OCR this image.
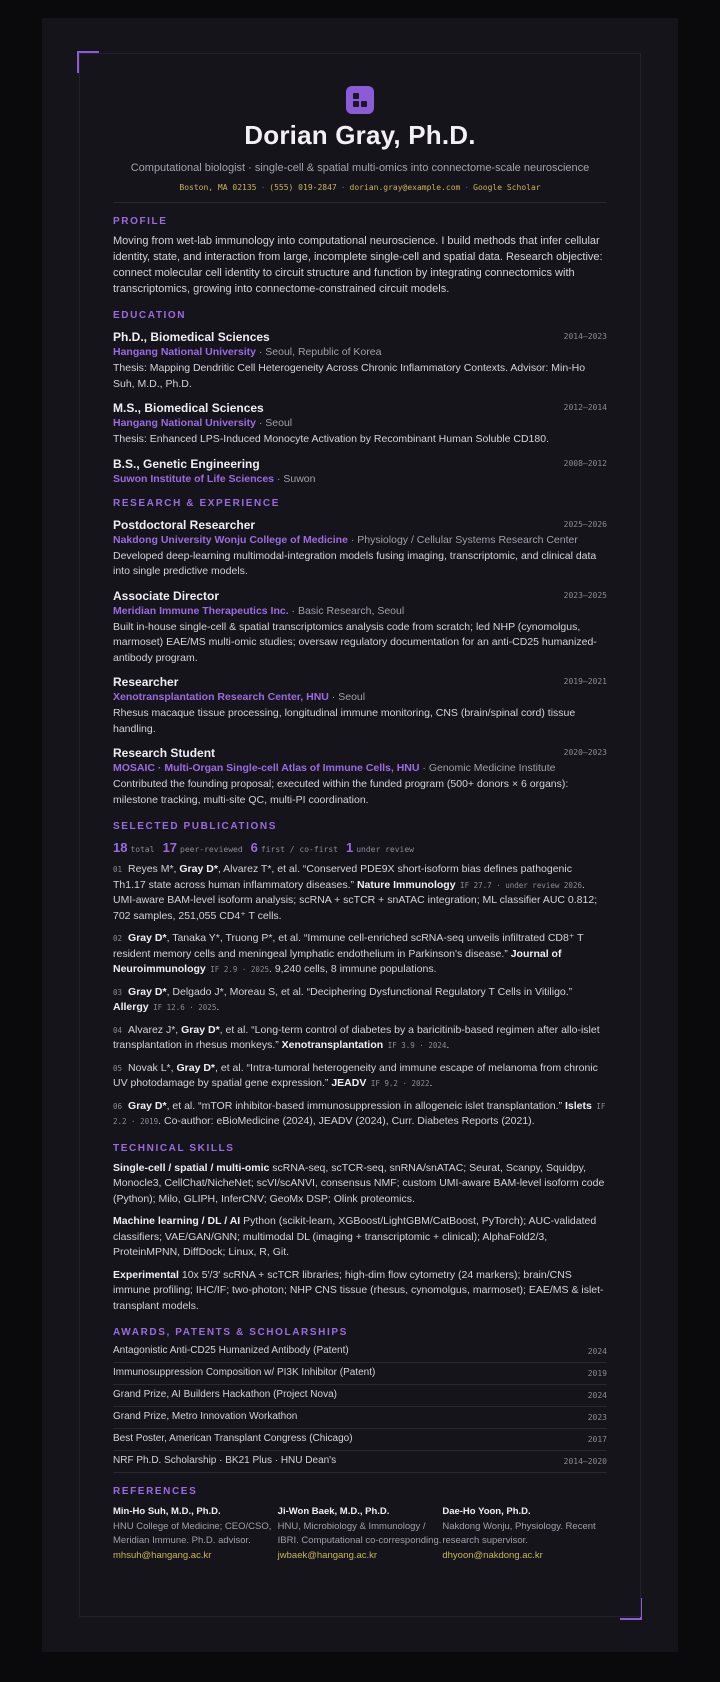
Dorian Gray, Ph.D.
Computational biologist · single-cell & spatial multi-omics into connectome-scale neuroscience
Boston, MA 02135 · (555) 019-2847 · dorian.gray@example.com · Google Scholar
PROFILE
Moving from wet-lab immunology into computational neuroscience. I build methods that infer cellular identity, state, and interaction from large, incomplete single-cell and spatial data. Research objective: connect molecular cell identity to circuit structure and function by integrating connectomics with transcriptomics, growing into connectome-constrained circuit models.
EDUCATION
Ph.D., Biomedical Sciences	2014–2023
Hangang National University · Seoul, Republic of Korea
Thesis: Mapping Dendritic Cell Heterogeneity Across Chronic Inflammatory Contexts. Advisor: Min-Ho Suh, M.D., Ph.D.
M.S., Biomedical Sciences	2012–2014
Hangang National University · Seoul
Thesis: Enhanced LPS-Induced Monocyte Activation by Recombinant Human Soluble CD180.
B.S., Genetic Engineering	2008–2012
Suwon Institute of Life Sciences · Suwon
RESEARCH & EXPERIENCE
Postdoctoral Researcher	2025–2026
Nakdong University Wonju College of Medicine · Physiology / Cellular Systems Research Center
Developed deep-learning multimodal-integration models fusing imaging, transcriptomic, and clinical data into single predictive models.
Associate Director	2023–2025
Meridian Immune Therapeutics Inc. · Basic Research, Seoul
Built in-house single-cell & spatial transcriptomics analysis code from scratch; led NHP (cynomolgus, marmoset) EAE/MS multi-omic studies; oversaw regulatory documentation for an anti-CD25 humanized-antibody program.
Researcher	2019–2021
Xenotransplantation Research Center, HNU · Seoul
Rhesus macaque tissue processing, longitudinal immune monitoring, CNS (brain/spinal cord) tissue handling.
Research Student	2020–2023
MOSAIC · Multi-Organ Single-cell Atlas of Immune Cells, HNU · Genomic Medicine Institute
Contributed the founding proposal; executed within the funded program (500+ donors × 6 organs): milestone tracking, multi-site QC, multi-PI coordination.
SELECTED PUBLICATIONS
18 total 17 peer-reviewed 6 first / co-first 1 under review
01 Reyes M*, Gray D*, Alvarez T*, et al. “Conserved PDE9X short-isoform bias defines pathogenic Th1.17 state across human inflammatory diseases.” Nature Immunology IF 27.7 · under review 2026. UMI-aware BAM-level isoform analysis; scRNA + scTCR + snATAC integration; ML classifier AUC 0.812; 702 samples, 251,055 CD4⁺ T cells.
02 Gray D*, Tanaka Y*, Truong P*, et al. “Immune cell-enriched scRNA-seq unveils infiltrated CD8⁺ T resident memory cells and meningeal lymphatic endothelium in Parkinson's disease.” Journal of Neuroimmunology IF 2.9 · 2025. 9,240 cells, 8 immune populations.
03 Gray D*, Delgado J*, Moreau S, et al. “Deciphering Dysfunctional Regulatory T Cells in Vitiligo.” Allergy IF 12.6 · 2025.
04 Alvarez J*, Gray D*, et al. “Long-term control of diabetes by a baricitinib-based regimen after allo-islet transplantation in rhesus monkeys.” Xenotransplantation IF 3.9 · 2024.
05 Novak L*, Gray D*, et al. “Intra-tumoral heterogeneity and immune escape of melanoma from chronic UV photodamage by spatial gene expression.” JEADV IF 9.2 · 2022.
06 Gray D*, et al. “mTOR inhibitor-based immunosuppression in allogeneic islet transplantation.” Islets IF 2.2 · 2019. Co-author: eBioMedicine (2024), JEADV (2024), Curr. Diabetes Reports (2021).
TECHNICAL SKILLS
Single-cell / spatial / multi-omic scRNA-seq, scTCR-seq, snRNA/snATAC; Seurat, Scanpy, Squidpy, Monocle3, CellChat/NicheNet; scVI/scANVI, consensus NMF; custom UMI-aware BAM-level isoform code (Python); Milo, GLIPH, InferCNV; GeoMx DSP; Olink proteomics.
Machine learning / DL / AI Python (scikit-learn, XGBoost/LightGBM/CatBoost, PyTorch); AUC-validated classifiers; VAE/GAN/GNN; multimodal DL (imaging + transcriptomic + clinical); AlphaFold2/3, ProteinMPNN, DiffDock; Linux, R, Git.
Experimental 10x 5′/3′ scRNA + scTCR libraries; high-dim flow cytometry (24 markers); brain/CNS immune profiling; IHC/IF; two-photon; NHP CNS tissue (rhesus, cynomolgus, marmoset); EAE/MS & islet-transplant models.
AWARDS, PATENTS & SCHOLARSHIPS
Antagonistic Anti-CD25 Humanized Antibody (Patent)	2024
Immunosuppression Composition w/ PI3K Inhibitor (Patent)	2019
Grand Prize, AI Builders Hackathon (Project Nova)	2024
Grand Prize, Metro Innovation Workathon	2023
Best Poster, American Transplant Congress (Chicago)	2017
NRF Ph.D. Scholarship · BK21 Plus · HNU Dean's	2014–2020
REFERENCES
Min-Ho Suh, M.D., Ph.D.
HNU College of Medicine; CEO/CSO, Meridian Immune. Ph.D. advisor.
mhsuh@hangang.ac.kr
Ji-Won Baek, M.D., Ph.D.
HNU, Microbiology & Immunology / IBRI. Computational co-corresponding.
jwbaek@hangang.ac.kr
Dae-Ho Yoon, Ph.D.
Nakdong Wonju, Physiology. Recent research supervisor.
dhyoon@nakdong.ac.kr
